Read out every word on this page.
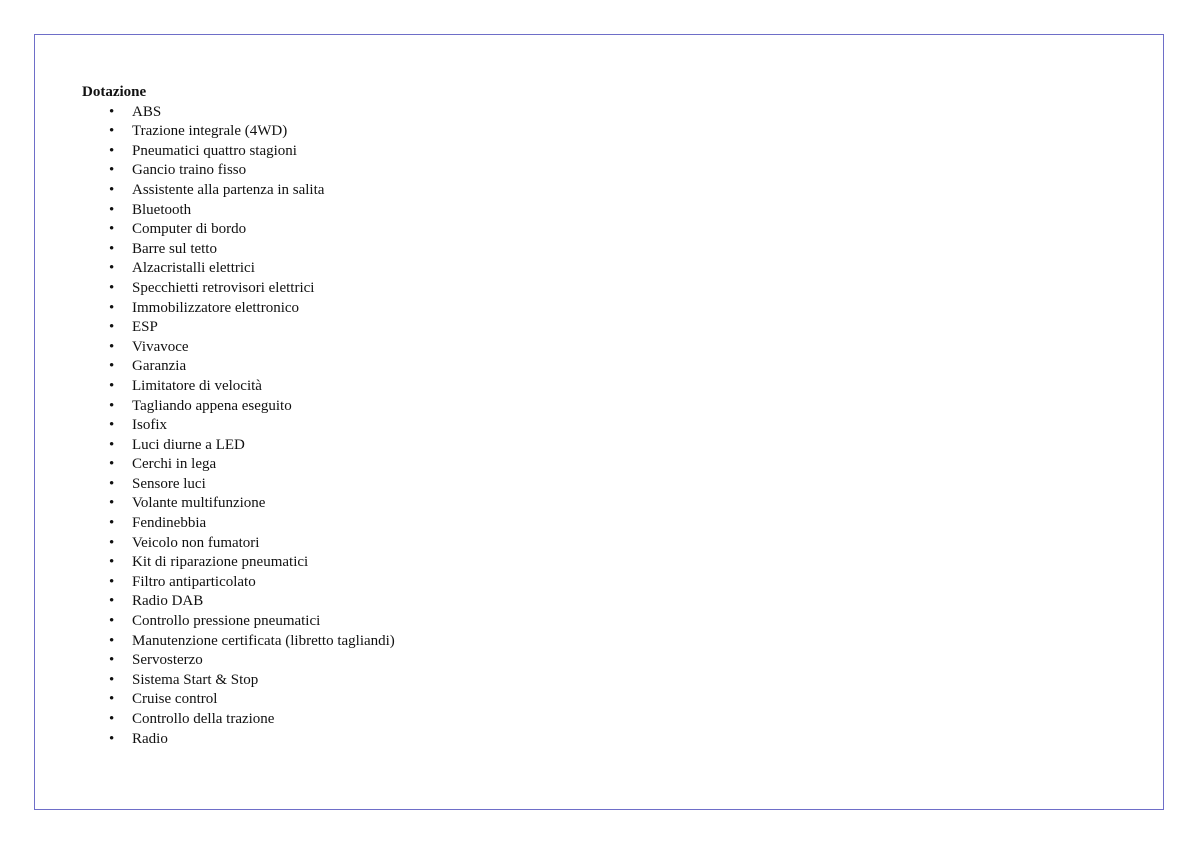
Dotazione

• ABS
• Trazione integrale (4WD)
• Pneumatici quattro stagioni
• Gancio traino fisso
• Assistente alla partenza in salita
• Bluetooth
• Computer di bordo
• Barre sul tetto
• Alzacristalli elettrici
• Specchietti retrovisori elettrici
• Immobilizzatore elettronico
• ESP
• Vivavoce
• Garanzia
• Limitatore di velocità
• Tagliando appena eseguito
• Isofix
• Luci diurne a LED
• Cerchi in lega
• Sensore luci
• Volante multifunzione
• Fendinebbia
• Veicolo non fumatori
• Kit di riparazione pneumatici
• Filtro antiparticolato
• Radio DAB
• Controllo pressione pneumatici
• Manutenzione certificata (libretto tagliandi)
• Servosterzo
• Sistema Start & Stop
• Cruise control
• Controllo della trazione
• Radio
